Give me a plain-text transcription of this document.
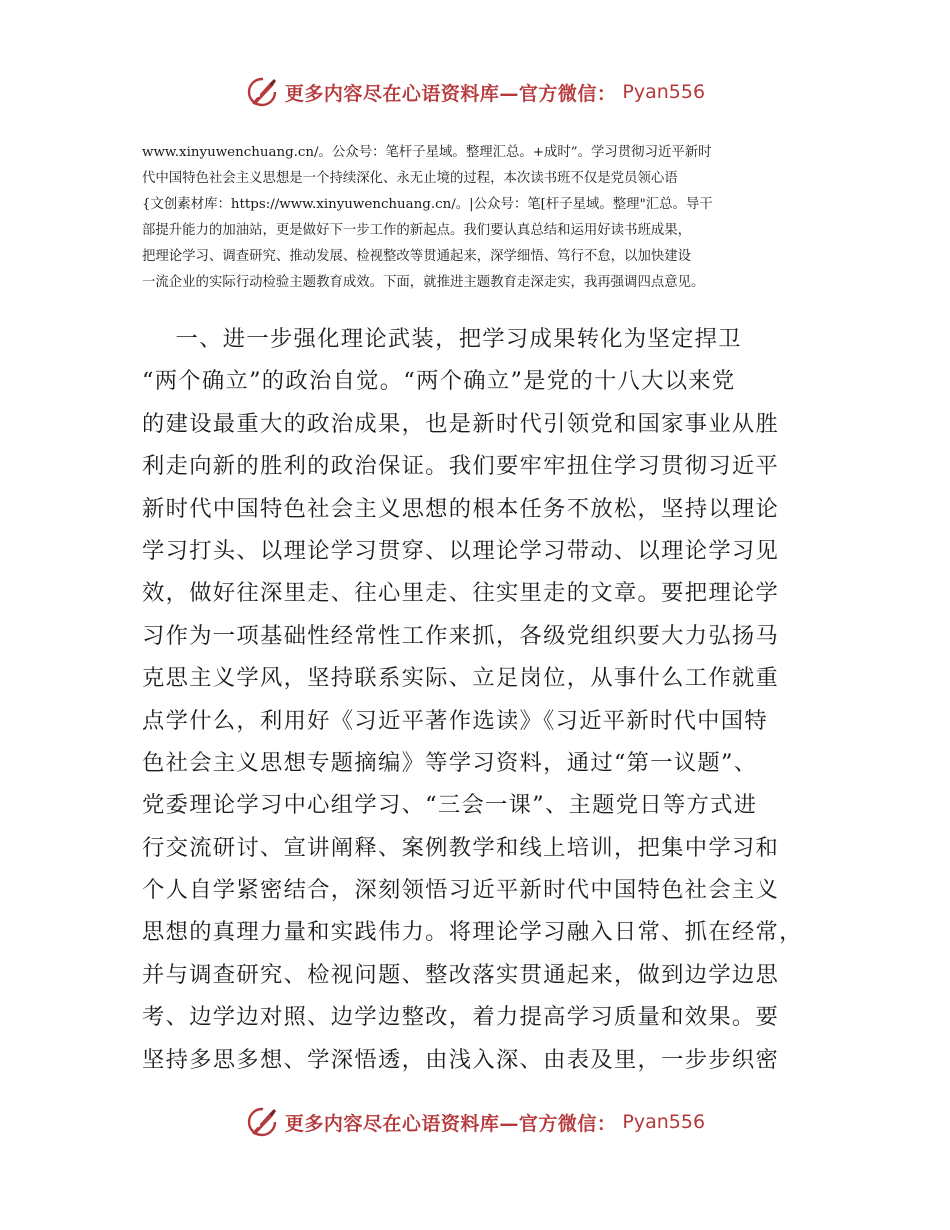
更多内容尽在心语资料库—官方微信： Pyan556
www.xinyuwenchuang.cn/。公众号：笔杆子星域。整理汇总。+成时”。学习贯彻习近平新时
代中国特色社会主义思想是一个持续深化、永无止境的过程，本次读书班不仅是党员领心语
{文创素材库：https://www.xinyuwenchuang.cn/。|公众号：笔[杆子星域。整理"汇总。导干
部提升能力的加油站，更是做好下一步工作的新起点。我们要认真总结和运用好读书班成果，
把理论学习、调查研究、推动发展、检视整改等贯通起来，深学细悟、笃行不怠，以加快建设
一流企业的实际行动检验主题教育成效。下面，就推进主题教育走深走实，我再强调四点意见。
一、进一步强化理论武装，把学习成果转化为坚定捍卫
“两个确立”的政治自觉。“两个确立”是党的十八大以来党
的建设最重大的政治成果，也是新时代引领党和国家事业从胜
利走向新的胜利的政治保证。我们要牢牢扭住学习贯彻习近平
新时代中国特色社会主义思想的根本任务不放松，坚持以理论
学习打头、以理论学习贯穿、以理论学习带动、以理论学习见
效，做好往深里走、往心里走、往实里走的文章。要把理论学
习作为一项基础性经常性工作来抓，各级党组织要大力弘扬马
克思主义学风，坚持联系实际、立足岗位，从事什么工作就重
点学什么，利用好《习近平著作选读》《习近平新时代中国特
色社会主义思想专题摘编》等学习资料，通过“第一议题”、
党委理论学习中心组学习、“三会一课”、主题党日等方式进
行交流研讨、宣讲阐释、案例教学和线上培训，把集中学习和
个人自学紧密结合，深刻领悟习近平新时代中国特色社会主义
思想的真理力量和实践伟力。将理论学习融入日常、抓在经常，
并与调查研究、检视问题、整改落实贯通起来，做到边学边思
考、边学边对照、边学边整改，着力提高学习质量和效果。要
坚持多思多想、学深悟透，由浅入深、由表及里，一步步织密
更多内容尽在心语资料库—官方微信： Pyan556
